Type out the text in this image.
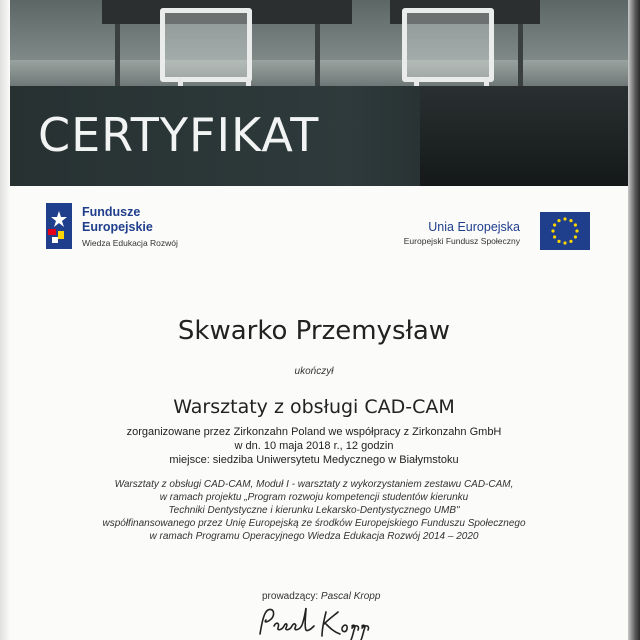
CERTYFIKAT
Fundusze
Europejskie
Wiedza Edukacja Rozwój
Unia Europejska
Europejski Fundusz Społeczny
Skwarko Przemysław
ukończył
Warsztaty z obsługi CAD-CAM
zorganizowane przez Zirkonzahn Poland we współpracy z Zirkonzahn GmbH
w dn. 10 maja 2018 r., 12 godzin
miejsce: siedziba Uniwersytetu Medycznego w Białymstoku
Warsztaty z obsługi CAD-CAM, Moduł I - warsztaty z wykorzystaniem zestawu CAD-CAM,
w ramach projektu „Program rozwoju kompetencji studentów kierunku
Techniki Dentystyczne i kierunku Lekarsko-Dentystycznego UMB"
współfinansowanego przez Unię Europejską ze środków Europejskiego Funduszu Społecznego
w ramach Programu Operacyjnego Wiedza Edukacja Rozwój 2014 – 2020
prowadzący: Pascal Kropp
